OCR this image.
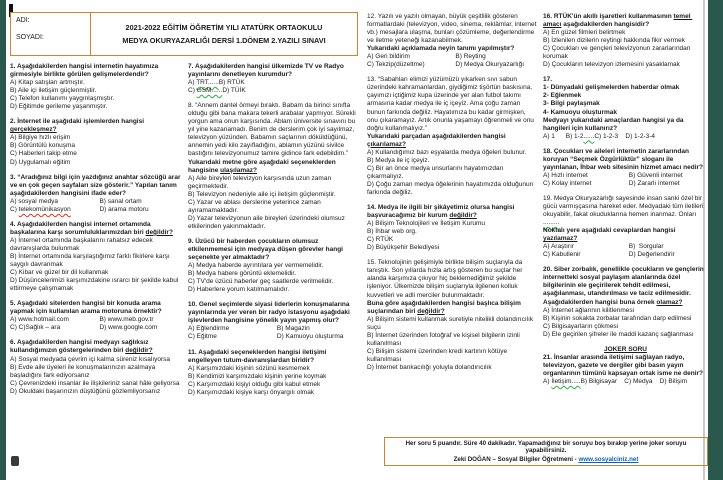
ADI:
SOYADI:
2021-2022 EĞİTİM ÖĞRETİM YILI ATATÜRK ORTAOKULU
MEDYA OKURYAZARLIĞI DERSİ 1.DÖNEM 2.YAZILI SINAVI
1. Aşağıdakilerden hangisi internetin hayatımıza girmesiyle birlikte görülen gelişmelerdendir?
A) Kitap satışları artmıştır.
B) Aile içi iletişim güçlenmiştir.
C) Telefon kullanımı yaygınlaşmıştır.
D) Eğitimde gerileme yaşanmıştır.
2. İnternet ile aşağıdaki işlemlerden hangisi gerçekleşmez?
A) Bilgiye hızlı erişim
B) Görüntülü konuşma
C) Haberleri takip etme
D) Uygulamalı eğitim
3. “Aradığınız bilgi için yazdığınız anahtar sözcüğü arar ve en çok geçen sayfaları size gösterir.” Yapılan tanım aşağıdakilerden hangisini ifade eder?
A) sosyal medya	B) sanal ortam
C) telekomünikasyon	D) arama motoru
4. Aşağıdakilerden hangisi internet ortamında başkalarına karşı sorumluluklarımızdan biri değildir?
A) İnternet ortamında başkalarını rahatsız edecek davranışlarda bulunmak
B) İnternet ortamında karşılaştığımız farklı fikirlere karşı saygılı davranmak
C) Kibar ve güzel bir dil kullanmak
D) Düşüncelerimizi karşımızdakine ısrarcı bir şekilde kabul ettirmeye çalışmamak
5. Aşağıdaki sitelerden hangisi bir konuda arama yapmak için kullanılan arama motoruna örnektir?
A) www.hotmail.com	B) www.meb.gov.tr
C) C)Sağlık – ara	D) www.google.com
6. Aşağıdakilerden hangisi medyayı sağlıksız kullandığımızın göstergelerinden biri değildir?
A) Sosyal medyada çevrim içi kalma süreniz kısalıyorsa
B) Evde aile üyeleri ile konuşmalarınızın azalmaya başladığını fark ediyorsanız
C) Çevrenizdeki insanlar ile ilişkileriniz sanal hâle geliyorsa
D) Okuldaki başarınızın düştüğünü gözlemliyorsanız
7. Aşağıdakilerden hangisi ülkemizde TV ve Radyo yayınlarını denetleyen kurumdur?
A) TRT......B) RTÜK
C) GSM......D) TÜİK
8. “Annem dantel örmeyi bıraktı. Babam da birinci sınıfta olduğu gibi bana makara tekerli arabalar yapmıyor. Sürekli yorgun ama onun karşısında. Ablam üniversite sınavını bu yıl yine kazanamadı. Benim de derslerim çok iyi sayılmaz, televizyon yüzünden. Babamın saçlarının döküldüğünü, annemin yedi kilo zayıfladığını, ablamın yüzünü sivilce bastığını televizyonumuz tamire gidince fark edebildim.”
Yukarıdaki metne göre aşağıdaki seçeneklerden hangisine ulaşılamaz?
A) Aile bireyleri televizyon karşısında uzun zaman geçirmektedir.
B) Televizyon nedeniyle aile içi iletişim güçlenmiştir.
C) Yazar ve ablası derslerine yeterince zaman ayıramamaktadır.
D) Yazar televizyonun aile bireyleri üzerindeki olumsuz etkilerinden yakınmaktadır.
9. Üzücü bir haberden çocukların olumsuz etkilenmemesi için medyaya düşen görevler hangi seçenekte yer almaktadır?
A) Medya haberde ayrıntılara yer vermemelidir.
B) Medya habere görüntü eklemelidir.
C) TV'de üzücü haberler geç saatlerde verilmelidir.
D) Haberlere yorum katılmamalıdır.
10. Genel seçimlerde siyasi liderlerin konuşmalarına yayınlarında yer veren bir radyo istasyonu aşağıdaki işlevlerden hangisine yönelik yayın yapmış olur?
A) Eğlendirme	B) Magazin
C) Eğitme	D) Kamuoyu oluşturma
11. Aşağıdaki seçeneklerden hangisi iletişimi engelleyen tutum-davranışlardan biridir?
A) Karşımızdaki kişinin sözünü kesmemek
B) Kendimizi karşımızdaki kişinin yerine koymak
C) Karşımızdaki kişiyi olduğu gibi kabul etmek
D) Karşımızdaki kişiye karşı önyargılı olmak
12. Yazılı ve yazılı olmayan, büyük çeşitlilik gösteren formatlardaki (televizyon, video, sinema, reklâmlar, internet vb.) mesajlara ulaşma, bunları çözümleme, değerlendirme ve iletme yeteneği kazanabilmek.
Yukarıdaki açıklamada neyin tanımı yapılmıştır?
A) Geri bildirim	B) Reyting
C) Tekzip(düzeltme)	D) Medya Okuryazarlığı
13. “Sabahları elimizi yüzümüzü yıkarken sıvı sabun üzerindeki kahramanlardan, giydiğimiz tişörtün baskısına, çayımızı içtiğimiz kupa üzerinde yer alan futbol takımı armasına kadar medya ile iç içeyiz. Ama çoğu zaman bunun farkında değiliz. Hayatımıza bu kadar girmişken, onu çıkaramayız. Artık onunla yaşamayı öğrenmeli ve onu doğru kullanmalıyız.”
Yukarıdaki parçadan aşağıdakilerden hangisi çıkarılamaz?
A) Kullandığımız bazı eşyalarda medya öğeleri bulunur.
B) Medya ile iç içeyiz.
C) Bir an önce medya unsurlarını hayatımızdan çıkarmalıyız.
D) Çoğu zaman medya öğelerinin hayatımızda olduğunun farkında değiliz.
14. Medya ile ilgili bir şikâyetimiz olursa hangisi başvuracağımız bir kurum değildir?
A) Bilişim Teknolojileri ve İletişim Kurumu
B) İhbar web org.
C) RTÜK
D) Büyükşehir Belediyesi
15. Teknolojinin gelişimiyle birlikte bilişim suçlarıyla da tanıştık. Son yıllarda hızla artış gösteren bu suçlar her alanda karşımıza çıkıyor hiç beklemediğimiz şekilde işleniyor. Ülkemizde bilişim suçlarıyla ilgilenen kolluk kuvvetleri ve adli merciler bulunmaktadır.
Buna göre aşağıdakilerden hangisi başlıca bilişim suçlarından biri değildir?
A) Bilişim sistemi kullanmak suretiyle nitelikli dolandırıcılık suçu
B) İnternet üzerinden fotoğraf ve kişisel bilgilerin izinli kullanılması
C) Bilişim sistemi üzerinden kredi kartının kötüye kullanılması
D) İnternet bankacılığı yoluyla dolandırıcılık
16. RTÜK'ün akıllı işaretleri kullanmasının temel amacı aşağıdakilerden hangisidir?
A) En güzel filmleri belirtmek
B) İzlenilen dizilerin reytingi hakkında fikir vermek
C) Çocukları ve gençleri televizyonun zararlarından korumak
D) Çocukların televizyon izlemesini yasaklamak
17.
1- Dünyadaki gelişmelerden haberdar olmak
2- Eğlenmek
3- Bilgi paylaşmak
4- Kamuoyu oluşturmak
Medyayı yukarıdaki amaçlardan hangisi ya da hangileri için kullanırız?
A) 1      B) 1-2......C) 1-2-3    D) 1-2-3-4
18. Çocukları ve aileleri internetin zararlarından koruyan “Seçmek Özgürlüktür” sloganı ile yayınlanan, İhbar web sitesinin hizmet amacı nedir?
A) Hızlı internet	B) Güvenli internet
C) Kolay internet	D) Zararlı internet
19. Medya Okuryazarlığı sayesinde insan sanki özel bir gücü varmışçasına hareket eder. Medyadaki tüm iletileri okuyabilir, fakat okuduklarına hemen inanmaz. Onları .........
Noktalı yere aşağıdaki cevaplardan hangisi yazılamaz?
A) Araştırır	B)  Sorgular
C) Kabullenir	D) Değerlendirir
20. Siber zorbalık, genellikle çocukların ve gençlerin internetteki sosyal paylaşım alanlarında özel bilgilerinin ele geçirilerek tehdit edilmesi, aşağılanması, utandırılması ve taciz edilmesidir.
Aşağıdakilerden hangisi buna örnek olamaz?
A) İnternet ağlarının kilitlenmesi
B) Kişinin sokakta zorbalar tarafından darp edilmesi
C) Bilgisayarların çökmesi
D) Ele geçirilen şifreler ile maddi kazanç sağlanması
JOKER SORU
21. İnsanlar arasında iletişimi sağlayan radyo, televizyon, gazete ve dergiler gibi basın yayın organlarının tümünü kapsayan ortak isme ne denir?
A) İletişim.....B) Bilgisayar    C) Medya    D) Bilişim
Her soru 5 puandır. Süre 40 dakikadır. Yapamadığınız bir soruyu boş bırakıp yerine joker soruyu yapabilirsiniz.
Zeki DOĞAN – Sosyal Bilgiler Öğretmeni - www.sosyalciniz.net
